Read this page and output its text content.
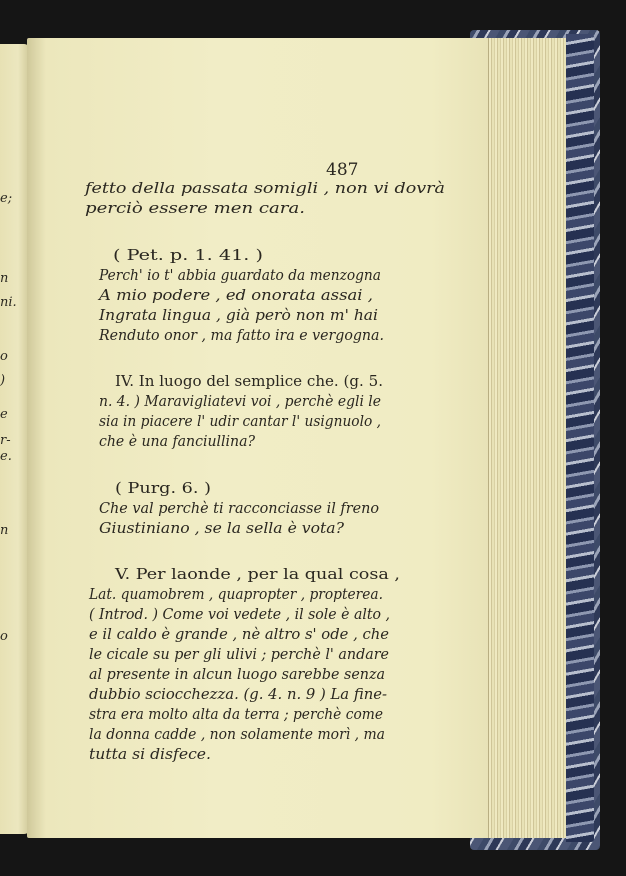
e;
n
ni.
o
)
e
r-
e.
n
o
487
fetto della passata somigli , non vi dovrà
perciò essere men cara.
( Pet. p. 1. 41. )
Perch' io t' abbia guardato da menzogna
A mio podere , ed onorata assai ,
Ingrata lingua , già però non m' hai
Renduto onor , ma fatto ira e vergogna.
IV. In luogo del semplice che. (g. 5.
n. 4. ) Maravigliatevi voi , perchè egli le
sia in piacere l' udir cantar l' usignuolo ,
che è una fanciullina?
( Purg. 6. )
Che val perchè ti racconciasse il freno
Giustiniano , se la sella è vota?
V. Per laonde , per la qual cosa ,
Lat. quamobrem , quapropter , propterea.
( Introd. ) Come voi vedete , il sole è alto ,
e il caldo è grande , nè altro s' ode , che
le cicale su per gli ulivi ; perchè l' andare
al presente in alcun luogo sarebbe senza
dubbio sciocchezza. (g. 4. n. 9 ) La fine-
stra era molto alta da terra ; perchè come
la donna cadde , non solamente morì , ma
tutta si disfece.
